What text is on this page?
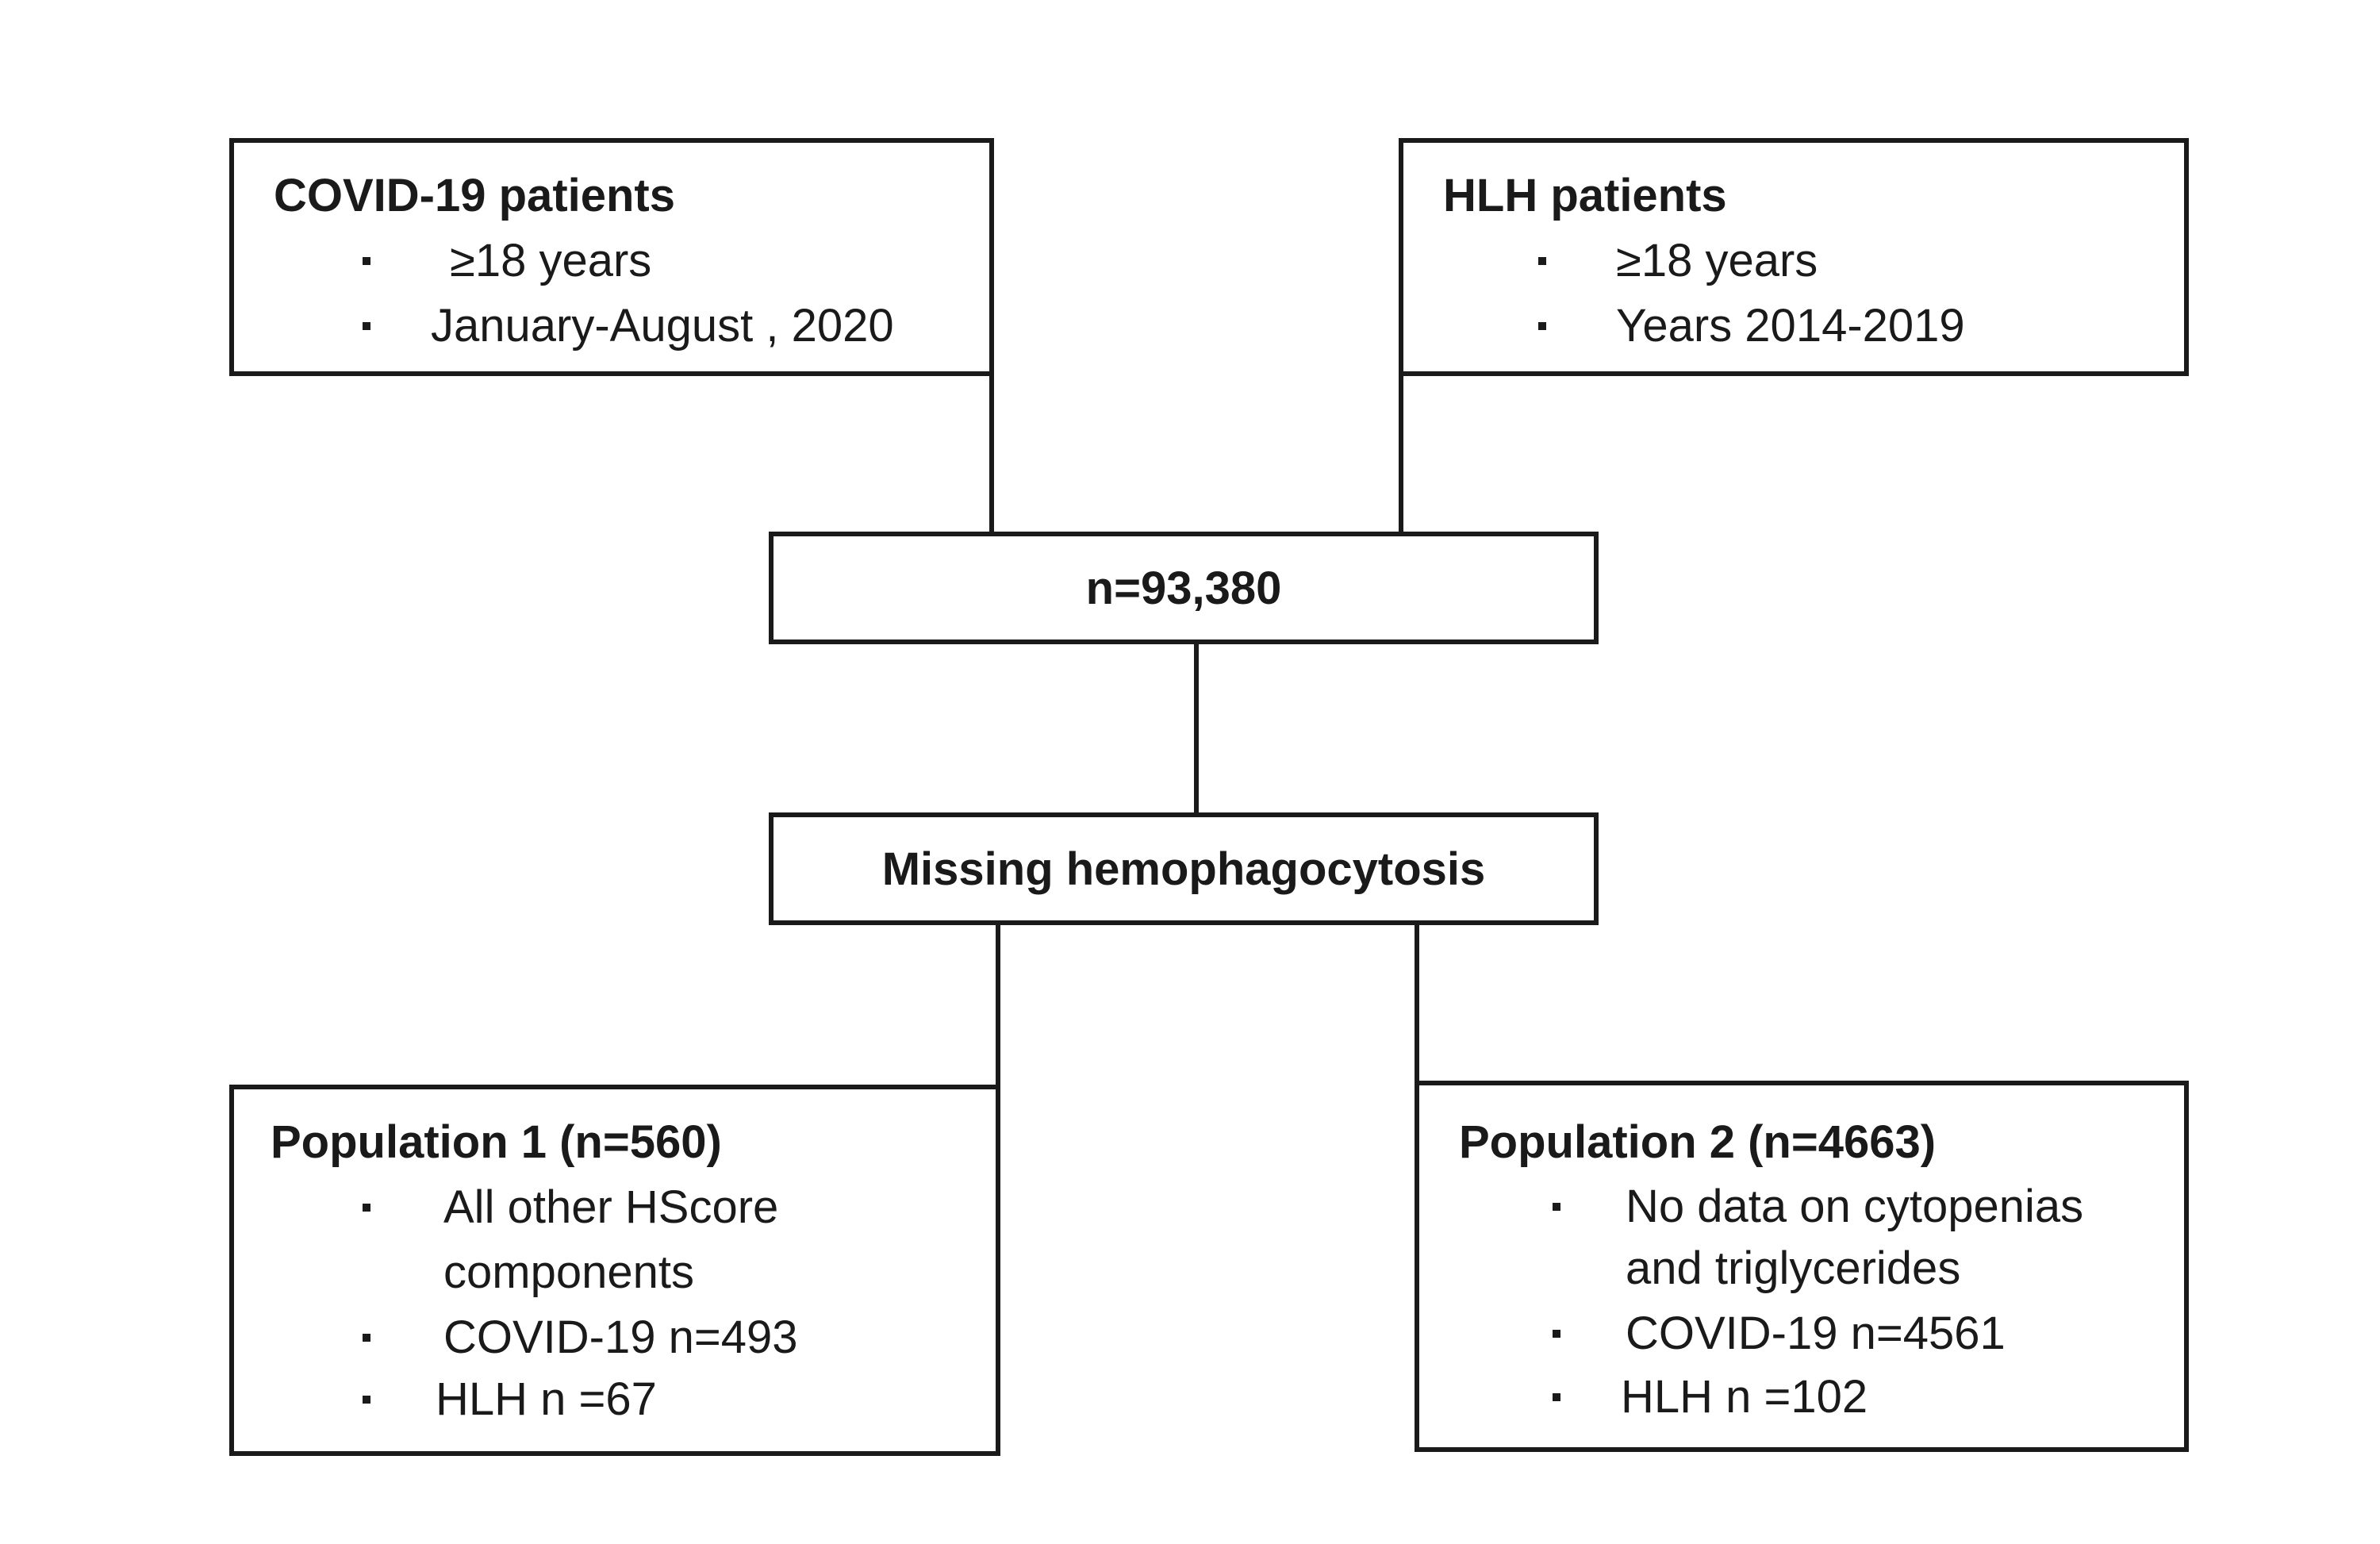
COVID-19 patients
≥18 years
January-August , 2020
HLH patients
≥18 years
Years 2014-2019
n=93,380
Missing hemophagocytosis
Population 1 (n=560)
All other HScore
components
COVID-19 n=493
HLH n =67
Population 2 (n=4663)
No data on cytopenias
and triglycerides
COVID-19 n=4561
HLH n =102
